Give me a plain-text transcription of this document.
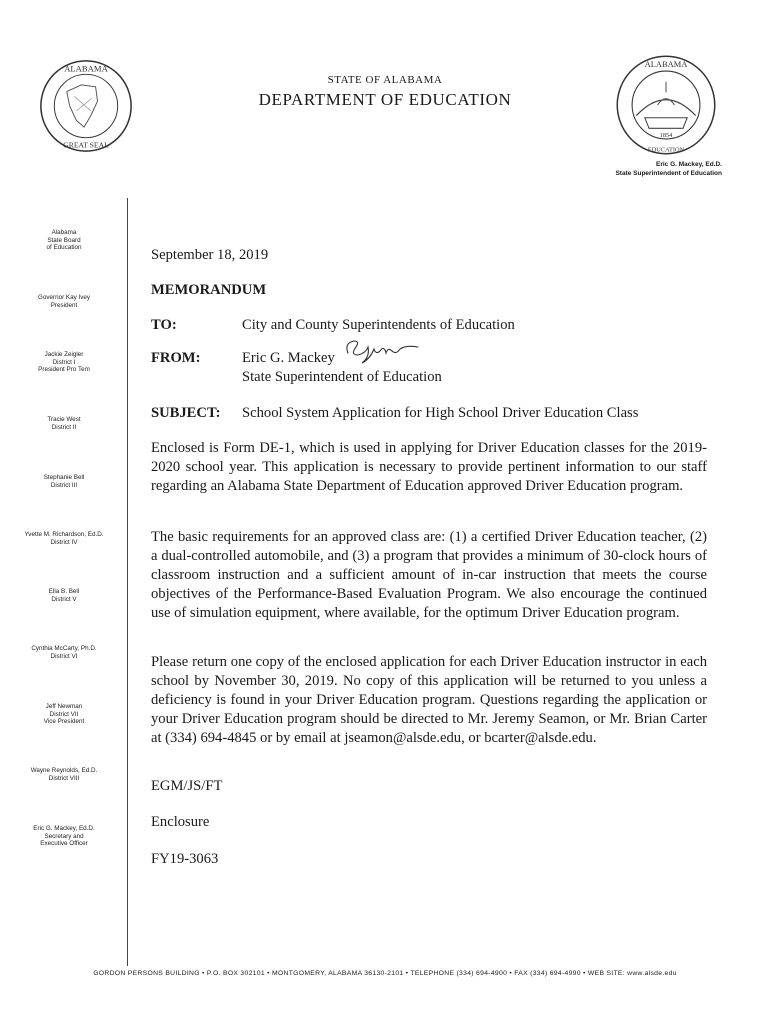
ALABAMA
GREAT SEAL
ALABAMA
1854
EDUCATION
STATE OF ALABAMA
DEPARTMENT OF EDUCATION
Eric G. Mackey, Ed.D.
State Superintendent of Education
Alabama
State Board
of Education
Governor Kay Ivey
President
Jackie Zeigler
District I
President Pro Tem
Tracie West
District II
Stephanie Bell
District III
Yvette M. Richardson, Ed.D.
District IV
Ella B. Bell
District V
Cynthia McCarty, Ph.D.
District VI
Jeff Newman
District VII
Vice President
Wayne Reynolds, Ed.D.
District VIII
Eric G. Mackey, Ed.D.
Secretary and
Executive Officer
September 18, 2019
MEMORANDUM
TO:	City and County Superintendents of Education
FROM:	Eric G. Mackey
State Superintendent of Education
SUBJECT: School System Application for High School Driver Education Class
Enclosed is Form DE-1, which is used in applying for Driver Education classes for the 2019-2020 school year. This application is necessary to provide pertinent information to our staff regarding an Alabama State Department of Education approved Driver Education program.
The basic requirements for an approved class are: (1) a certified Driver Education teacher, (2) a dual-controlled automobile, and (3) a program that provides a minimum of 30-clock hours of classroom instruction and a sufficient amount of in-car instruction that meets the course objectives of the Performance-Based Evaluation Program. We also encourage the continued use of simulation equipment, where available, for the optimum Driver Education program.
Please return one copy of the enclosed application for each Driver Education instructor in each school by November 30, 2019. No copy of this application will be returned to you unless a deficiency is found in your Driver Education program. Questions regarding the application or your Driver Education program should be directed to Mr. Jeremy Seamon, or Mr. Brian Carter at (334) 694-4845 or by email at jseamon@alsde.edu, or bcarter@alsde.edu.
EGM/JS/FT
Enclosure
FY19-3063
GORDON PERSONS BUILDING • P.O. BOX 302101 • MONTGOMERY, ALABAMA 36130-2101 • TELEPHONE (334) 694-4900 • FAX (334) 694-4990 • WEB SITE: www.alsde.edu
